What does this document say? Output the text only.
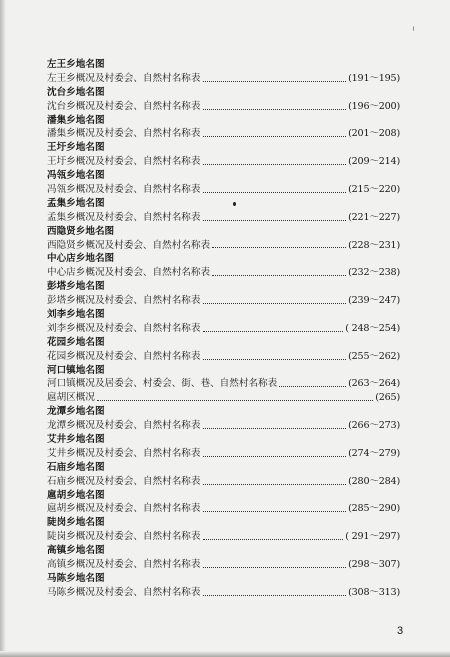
左王乡地名图
左王乡概况及村委会、自然村名称表	(191～195)
沈台乡地名图
沈台乡概况及村委会、自然村名称表	(196～200)
潘集乡地名图
潘集乡概况及村委会、自然村名称表	(201～208)
王圩乡地名图
王圩乡概况及村委会、自然村名称表	(209～214)
冯瓴乡地名图
冯瓴乡概况及村委会、自然村名称表	(215～220)
孟集乡地名图
孟集乡概况及村委会、自然村名称表	(221～227)
西隐贤乡地名图
西隐贤乡概况及村委会、自然村名称表	(228～231)
中心店乡地名图
中心店乡概况及村委会、自然村名称表	(232～238)
彭塔乡地名图
彭塔乡概况及村委会、自然村名称表	(239～247)
刘李乡地名图
刘李乡概况及村委会、自然村名称表	( 248～254)
花园乡地名图
花园乡概况及村委会、自然村名称表	(255～262)
河口镇地名图
河口镇概况及居委会、村委会、街、巷、自然村名称表	(263～264)
扈胡区概况	(265)
龙潭乡地名图
龙潭乡概况及村委会、自然村名称表	(266～273)
艾井乡地名图
艾井乡概况及村委会、自然村名称表	(274～279)
石庙乡地名图
石庙乡概况及村委会、自然村名称表	(280～284)
扈胡乡地名图
扈胡乡概况及村委会、自然村名称表	(285～290)
陡岗乡地名图
陡岗乡概况及村委会、自然村名称表	( 291～297)
高镇乡地名图
高镇乡概况及村委会、自然村名称表	(298～307)
马陈乡地名图
马陈乡概况及村委会、自然村名称表	(308～313)
3
